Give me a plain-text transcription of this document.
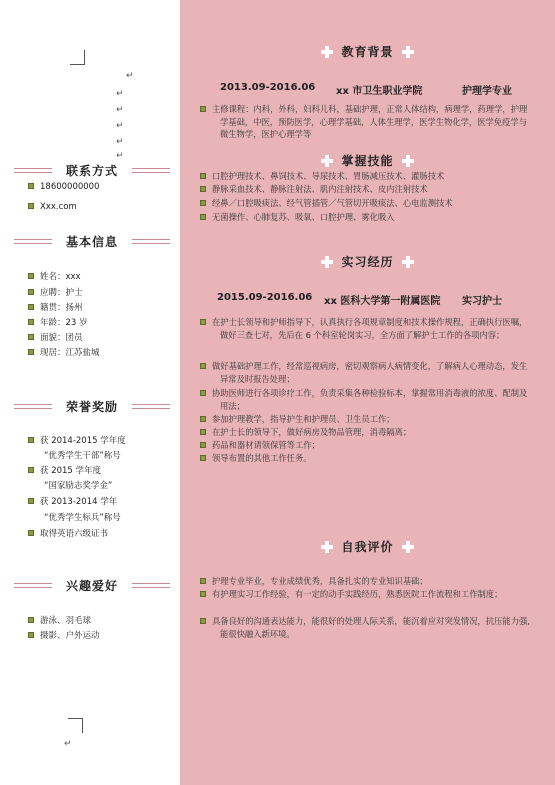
↵
↵
↵
↵
↵
↵
↵
联系方式
18600000000
Xxx.com
基本信息
姓名：xxx
应聘：护士
籍贯：扬州
年龄：23 岁
面貌：团员
现居：江苏盐城
荣誉奖励
获 2014-2015 学年度
“优秀学生干部”称号
获 2015 学年度
“国家励志奖学金”
获 2013-2014 学年
“优秀学生标兵”称号
取得英语六级证书
兴趣爱好
游泳、羽毛球
摄影、户外运动
教育背景
2013.09-2016.06 xx 市卫生职业学院	护理学专业
主修课程：内科，外科，妇科儿科，基础护理，正常人体结构，病理学，药理学，护理学基础，中医，预防医学，心理学基础，人体生理学，医学生物化学，医学免疫学与微生物学，医护心理学等
掌握技能
口腔护理技术、鼻饲技术、导尿技术、胃肠减压技术、灌肠技术
静脉采血技术、静脉注射法、肌内注射技术、皮内注射技术
经鼻／口腔吸痰法、经气管插管／气管切开吸痰法、心电监测技术
无菌操作、心肺复苏、吸氧、口腔护理、雾化吸入
实习经历
2015.09-2016.06 xx 医科大学第一附属医院 实习护士
在护士长领导和护师指导下，认真执行各项规章制度和技术操作规程，正确执行医嘱，做好三查七对，先后在 6 个科室轮岗实习，全方面了解护士工作的各项内容；
做好基础护理工作，经常巡视病房，密切观察病人病情变化，了解病人心理动态，发生异常及时报告处理；
协助医师进行各项诊疗工作，负责采集各种检验标本，掌握常用消毒液的浓度、配制及用法；
参加护理教学，指导护生和护理员、卫生员工作；
在护士长的领导下，做好病房及物品管理，消毒隔离；
药品和器材请领保管等工作；
领导布置的其他工作任务。
自我评价
护理专业毕业，专业成绩优秀，具备扎实的专业知识基础；
有护理实习工作经验，有一定的动手实践经历，熟悉医院工作流程和工作制度；
具备良好的沟通表达能力，能很好的处理人际关系，能沉着应对突发情况，抗压能力强,能很快融入新环境。
